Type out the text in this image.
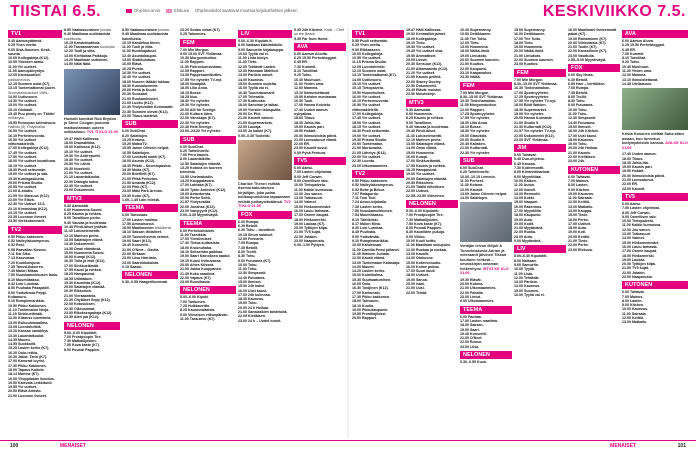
TIISTAI 6.5.	Ohjelma-arvio	Elokuva Ohjelmatiedot saattavat muuttua kirjoitushetken jälkeen	KESKIVIIKKO 7.5.
TV1
5.45 Aamusydämeä.
6.25 Yhen ovella.
9.00 Sisä-Suomen. Kesä-suunta
10.00 Kollegakirja (K12).
10.55 Ykkösen aamu.
11.00 Yle uutiset.
11.05 Aamupäivystys.
12.05 Kansauutiset paikkaneuvos.
12.15 Suomen asiat (K7).
13.15 Tuntemattomat juuret. Suomalaissukuiset 1989–
14.00 Uutisvuoro.
14.30 Yle uutiset.
15.00 Yle uutiset.
15.10 Globaali.
15.45 Puu pienty on 'Tähtin' mökkeyks.
15.55 Euroopan tulevaisuus Hallinto (5) Yhdysvallat.
16.00 Yle uutiset.
16.10 Perheneuvonta.
16.50 Yle uutiset viittomakielellä.
17.00 Kollegakirja (K12).
17.45 Yle uutiset.
17.50 Yle uutiset.
18.00 Yle uutiset kuvailtuna.
18.15 Yle uutiset.
18.30 Puoli seitsemän.
19.00 Yle uutiset ja sää.
19.30 Kuningaskunta.
20.00 Prisma Studio.
20.55 Yle uutiset.
21.00 A-studio.
21.09 Yle tilaisuus (K12).
22.00 Yle Elävä.
22.30 Yle Uutiset 16.6.
23.10 Kimmiskaa (K12).
23.15 Yle uutiset.
23.30 Luonnon ihmeet.
23.50 Verkkotuomarit.
TV2
6.50 Pikku kakkonen.
6.52 Nalleylakoomperus.
6.52 Rosi.
6.58 Paavallan Kosmo.
7.11 Kai Siku.
7.13 Kasvumaa.
7.20 Kuukkoisjuna.
7.35 Tanssi-ikäseres.
7.40 Maiori Mikaa.
7.50 Nuuskamuikkusen laulu.
8.10 Muumilaakso.
8.42 Loki Lumiraa.
8.50 Puuhaka Pasapailit.
9.00 Ystävärnaa Peppi. Kultamuru.
9.10 Rumplemarikkia.
10.50 Pikku Kakkonen.
11.10 Tuntematon Norja.
11.15 Sinkkuelämää.
12.30 Kitaruss tunnelmia.
13.00 Esikoulumaailma.
13.05 Luontohetkiä.
13.20 Kansan sanakirja.
13.30 Lauantaikuulat.
14.35 Muumi.
14.55 Suokkailit.
15.25 Lasten kerho (K7).
16.20 Oolo-retkia.
16.30 Jakot: Tarin (K7).
17.00 Kamerat loyrisi.
17.30 Pikku Kakkonen.
18.00 Tapaus Kultola.
18.14 Martinz (K7).
19.00 Ylioppilakan ilmoitus.
19.50 Kalevala Leikkitunti.
19.55 Yle uutiset.
20.00 Elävä Arkisto.
21.00 Luonnon ihmeet.
8.50 Vaakasuoraisen jumala.
9.40 Maailmaa uudistavista kokeiluista.
10.15 Kahdeksatitoia
11.00 Taivaanrannan tuoduutto
12.20 Tuoll ja viita.
13.00 Kiehtoitaa Paikkoja.
14.20 Maailman uutiniemi.
14.50 Nälä Nälä.
Huvialit komikot Rob Brydon ja Steve Coogan joutuvat matkustamaan uuteen seikkailuun. TV1 TI KLO 21.00
19.47 Hälli Kalliossa.
18.00 Dramatiikka.
19.00 Kalliossa (K12).
19.10 Yle uutiset.
19.30 Yle Antireportti.
19.30 Yle uutiset.
20.00 Yle Lähiö.
20.30 Nuorkeiti.
21.00 Yle uutiset.
21.10 Lauantaikuulat.
22.00 Dialogin kaksi.
22.30 Yle uutiset.
23.00 Dokumentti.
MTV3
5.30 Aamusää.
6.00 Huomenta Suomi.
8.25 Kaunis ja rohkea.
9.00 Tavallinen perhe.
9.40 Vauvaa ja kuolemaa.
10.40 Pihdi-iäiset ystävät.
11.40 Lutuselementti.
12.10 Marinen perhe.
13.05 Salattujen elämä.
13.40 Dokumentti.
14.30 Omai elämänsä.
15.00 Huomenta Suomi.
16.00 Kumpi (K12).
16.30 Tulla ja etsit (K12).
17.00 Sinkkuelämää.
17.55 Kauni ja rohkea.
18.25 Hampasivat.
18.35 Ultimatum.
19.30 Kaumista (K12).
20.00 Salattujen elämää.
20.30 Rikkoinen.
21.00 Vieraaantnia.
21.30 Cityläiset Sepp (K12).
22.00 Kotosuksen.
22.30 Oikeusmaat.
23.00 Rikoksenpaltaja (K12).
23.30 Ateri jaa (K12).
NELONEN
5.00–6.00 Kipulahti.
7.00 Frontpoopin Tire.
7.30 Matkailijoiden.
7.50 Kova kaste (K7).
8.00 Poundi Pappies.
8.50 Vaakasuoraisen jumala.
9.40 Maailmaa uudistavista kokeiluista.
10.15 Kahdeksa tiinen.
11.00 Tuoll ja viita.
11.00 Huuhkajatuuri.
12.40 Asuntokaupat.
13.00 Sisätkulutkas.
16.00 Elävä.
16.25 Puisto.
16.30 Yle uutiset.
16.40 Yle uutiset.
18.00 Nuoren lääkäri lakkaa.
18.30 Kuusialuemme.
20.00 Hehä ja Kuuhi.
20.30 Suosaari.
21.00 Ruokaministeri.
21.00 Luoko (K12).
21.30 Yhdysvallan Kommaatti.
22.30 Suomen olevat (K12).
23.00 Tilaus-taistelut.
SUB
6.00 SubChat.
8.20 Salattujen.
13.25 Kotona.
15.25 MatkaTV.
15.55 Jaime Oliverin helpot.
16.55 Salattujen.
17.00 Lentävät mahti (K7).
18.00 Asunto (K12).
18.30 Pitkät – Suomiopastus.
19.30 Muita (K7).
20.00 Brieflieft (K7).
21.00 Pitkä Perkoton.
21.50 Amanta (K12).
22.00 Pikk (K7).
23.00 Mäki Park Arenas.
23.30 Koiru (K7).
1.00–1.45 Lain miestä.
TEEMA
6.00 Tanssiaas.
17.00 Lasten mailma.
17.50 Ammulsuvut.
18.00 Maailmoiden leikkikerta.
18.10 Saksan lähialleet.
19.00 Tussenheimin veimet.
19.00 Saari (K12).
19.40 Konsertti.
21.00 O'Neet – Gavita.
22.00 Sirkaan.
23.00 Liisa Harritalo.
23.00 Saarokkakaista.
0.15 Saaski.
NELONEN
0.30–0.55 Haagerilluminati.
23.20 Sodan virkat (K7).
0.25 Talonmies.
FEM
7.00 Min Morgon.
9.00 15.00 SVT Ylelämaa.
10.30 Morgonstudion.
11.00 Rapport.
11.05 Fööroskonstnäran.
12.05 Rapport.
13.05 Pappersantikuttes.
17.55 Yle nyheter TV-nyt.
18.00 Nodapitä.
18.00 Lilla Anna.
18.15 Bosse.
18.25 Nuo.
18.30 Yle nyheter.
19.30 Yle nyheter.
20.00 Allt för Sverige.
21.00 Kultura tiden.
22.00 Vänskaps (K7).
22.30 Yle nyheter.
22.40 Hela Sverige.
23.00–23.20 Yle nyheter.
SUB
6.00 SubChat.
6.20 Tuttelinnelle.
7.00 Peru kaunis.
8.00 Lauantaikilla.
12.50 Salattujen elämää.
13.25 Kotona on tuoreen toimimia.
13.55 Unelmakodin.
14.25 Kauppatavara.
17.00 Lahtaka (K7).
18.00 Tytön Anteeksi (K12).
19.00 Amanteesta.
20.00 Perhe Seltti.
21.57 Yhdysvallat.
22.00 Junahas (K12).
23.00 Vampyyrit (K12).
0.00–3.30 Myyntiväylä.
TEEMA
6.00 Perhekohtaiset.
11.00 Tassikkia.
17.00 Yleisihmiset.
17.30 Tietoa kultaisista.
18.00 Kruunuhaka.
18.10 Seitsemän paikkaa.
19.00 Saari Kainoksen laadut.
19.15 Kuusi rivikuvassa.
20.00 Aihes Kiisseä.
21.00 Jukka Kuuppanen.
21.30 Koko maailma.
22.00 Vapaus (K7).
23.00 Ruusihauta.
NELONEN
5.00–6.00 Kipuki.
7.00 Tantuinen.
7.25 Hulkkaveitto.
8.25 Kaunisvaltaisia.
9.00 Viimeisen viikonpäivän.
11.00 Tasa-arvo (K7).
LIV
5.00–6.30 Kipulah-ti.
8.00 Nalkaan kiäsimkäsiin.
9.00 Samuelin kirjakauppa.
10.00 Tyyliä vai ei.
11.00 Lista kiotyn.
11.30 Tieto.
12.00 Tehtävät Lasten.
12.30 Hannaan Mahtioli.
13.00 Pariisin naiset.
14.00 Kauneus.
15.00 Suomen uudelta.
16.00 Tyyliä vai ei.
16.30 Tuoulutuomarit.
17.00 Trilesatla.
17.30 Kotiruoka.
18.00 Sanoinar ja taikat.
19.00 Yleiskin taluspuilla.
20.00 Dr. Phil.
21.00 Kauniit vaimot.
21.00 Supermarkets.
22.00 Laulaja.
23.00 Jo kaikki (K7).
0.00–0.30 Tuoteliki.
Charlize Theron esittää itsemurhakuntoisen kirjailijan, joka palaa kotikaupunkiinsa tapaamaan entistä poikaystäväänsä. TV2 TI KLO 21.00
FOX
6.00 Rumpa.
6.29 Betolit.
6.30 Tohu – tavoitteet.
10.15 Sinun salaiset.
12.00 Feenarin.
7.05 Rumpa.
7.35 Betolit.
8.00 Trollit.
8.30 Tohu.
9.00 Futurama (K7).
10.00 Tohu.
11.30 Tohu.
12.30 Simpsonit.
14.40 Futurama.
15.00 Ihmiset.
15.00 24h kaksi.
16.00 Uusi kausi.
17.00 24h kuiinnsa.
18.30 Kauneus.
19.00 Tohu.
20.00 24 h Hoikaa.
21.00 Sanalaskien taisteluita.
22.00 Kiellätsen.
23.00 24 h – Uudet tunnit.
5.35 24h Kitchen. Kalle – Chef on the Beach.
5.35 Far from Home.
AVA
6.00 Aamun Aluvita.
6.25 15.50 Perhebloggari.
6.45 ER.
7.30 Kummit.
8.10 Tutoliitat.
9.20 Tuttu.
10.40 Muuhuuri.
11.30 Yhden oma.
12.00 Mamma.
13.10 Ikimuistettavat.
15.50 Kahden moniamaa.
16.30 Tuuli.
17.00 Hanna Koivisto.
17.40 Uuden aamun nykyaikaa.
18.00 Tilaus.
18.30 Juhla-ilta.
19.00 Kaunis pari.
19.50 Hobbit.
20.00 Ikimuistoisia päivä.
21.00 Lumoutunut elämä.
22.00 ER.
23.00 Kauniit suvut.
0.00 Pyhä Pentura.
TV5
6.00 Aamu.
7.00 Lasten ohjelmiaa.
8.00 Jeff Corwin.
9.00 Onnellisen talo.
10.00 Tietopalvelu.
11.00 Kaikki kunnossa.
12.00 Jos sanon.
13.00 Tutkasuuri.
14.00 Vaimot.
15.00 Hinkomemmärt.
16.00 Laulu tarhasta.
17.00 Onnen kaupat.
18.00 Hinkomerkki.
19.00 Laukaa (K7).
20.00 Tyttöjen kilpa.
21.00 TV5 kujat.
22.00 Jotakin.
23.00 Naapurusto.
0.00–1.00 Pyttyen.
TV1
5.55 Puoli seitsemän.
6.25 Yhen ovella.
9.00 Rikkaaseen.
10.00 Kollegakirja.
10.55 Yle uutiset.
11.15 Prisma Studio.
12.05 Luontoheteki.
12.15 Suomen asiat.
13.15 Tuntemattomat (K7).
14.00 Uutisvuoro.
15.10 Yle uutiset.
15.15 Tietopalvelu.
15.50 Huonekulkea.
16.00 Yle uutiset.
16.10 Perheneuvonta.
16.50 Yle uutiset viittomakielellä.
17.00 Kollegakirja.
17.45 Yle uutiset.
18.00 Yle uutiset.
18.15 Yle uutiset.
18.30 Puoli seitsemän.
19.00 Yle uutiset.
19.30 Prisma Studio.
20.00 Tuntematon.
21.00 Murtovarka.
21.05 Lähetys (K12).
22.00 Yle uutiset.
22.30 Luonto.
23.00 Ulkomaanmies.
TV2
6.50 Pikku kakkonen.
6.52 Nalleylakoomperus.
6.52 Bebe ja Bebur.
7.07 Ratapurdo.
7.11 Tom Tiuli.
7.24 Ammi-leijakaila.
7.35 Lasten kerho.
7.50 Nuuskamuikkunen.
7.54 Muumilaakso.
8.10 Tähtikiiski.
8.17 Maiori Mina.
8.30 Loki Lumiraa.
8.45 Puuhaka.
9.00 Ystävämää.
9.10 Rumplemarikkia.
10.00 Kahdeksan.
11.00 Camilla Pensi jaltanet.
11.45 Ihmisen Jumala.
12.00 Kaunii elämä.
13.00 Tuntematon Kalastaja.
14.00 Muumi.
14.20 Lasten kerho.
15.00 Kolmikulma.
15.30 Suurkaatuminen.
16.00 Oolo.
16.30 Tonijinen (K12).
17.00 Karhunaki.
17.30 Pikku kakkonen.
18.00 Tahvanen.
18.10 Kuulia.
19.00 Pikkukaupunki.
19.50 Frontilajiloksi.
20.00 Rapport.
19.47 Hälli Kalliossa.
19.52 Kenraalikirjaimet.
18.00 Kollegakirja.
19.10 Tieto.
19.30 Yle uutiset.
19.30 Yle uutiset sisa.
19.50 Ammattiset.
20.00 Lösvit.
20.30 Sensuuri (K12).
21.00 Aikamaaintu (K12).
21.20 Yle uutiset.
21.50 Kaunis peilinä.
22.00 Stacey Dooley.
22.50 Dokumentti.
23.45 Elävät muistot.
23.50 Muistokirje.
MTV3
5.30 Aamusää.
6.00 Huomenta.
8.25 Kaunis ja rohkea.
9.00 Tavallinen.
9.40 Vauvaa ja kuolemaa.
10.40 Pihdi-iäiset.
11.40 Lutuselementti.
12.10 Marinen perhe.
13.05 Salattujen elämä.
14.00 Omai elämä.
15.00 Huomenta.
16.00 Kumpi.
17.00 Sinkkuelämää.
17.55 Kaunis ja rohkea.
18.25 Hampasivat.
19.00 Yle uutiset.
20.00 Salattujen elämää.
20.30 Rikkoinen.
21.00 Täällä kiitollinen.
22.00 Uutiset.
22.55–23.50 Viimeinen.
NELONEN
5.00–6.00 Kipulahti.
7.00 Frontpoopin Tire.
7.30 Matkailijoiden.
7.50 Kova kaste (K7).
8.00 Poundi Pappies.
8.30 Kauniiden pukuja.
9.00 Viikko.
10.00 Kuuli keitto.
11.00 Maailman sukupolvi.
12.00 Ruokaa ja ruokaa.
13.00 Kauniit.
14.00 Olohuone.
15.00 Kotirevoluutio.
16.00 Kolme pukua.
17.00 Suuri kuuli.
18.00 Uutiset.
19.00 Sanoa.
20.00 Isäni.
21.00 Uusi.
22.00 Tehdä.
10.30 Supernanny.
10.50 Dettikkanen.
11.35 The Tuttu.
12.00 Tieto.
13.00 Huomenta.
18.00 Nälkä-ilmiö.
19.00 Lintukoto.
20.00 Suomen kaunein.
21.00 Kuutios.
22.00 Kaupunki.
23.10 Kaapanaiset.
23.30 Nälkä.
FEM
7.00 Min Morgon.
8.30–15.00 SVT Ylelämaa.
10.30 Tiedohamahan.
11.55 Morgonstudion.
12.00 Rapport.
17.25 Sportnyyheter.
17.55 Yle nyheter.
18.00 Lilla Anna.
18.10 Bosse.
18.30 Yle nyheter.
19.00 Glasvärld.
20.00 Studio 9.
20.40 Kaliaken.
21.00 Kulturnatt.
22.30 Yle nyheter.
SUB
6.00 SubChat.
6.20 Tuttelinnelle.
10.00–10.15 Lemmin.
11.00 Perheet.
11.30 Kotona.
12.00 Kauniit.
13.00 Jaime Oliverin helpot.
14.00 Salattujen.
Venäjän leivon Miljuti & Tunnelmakuvia Adrian ja veteraanit jälvinen Tikkari kuulluen rohkeat – sevaiskirjan antaman hetkenhyne. MTV3 KE KLO 21.00
19.30 Elävät.
20.00 Kotona.
21.00 Ulkomaanmies.
22.00 Pahalla.
23.00 Lintut.
0.00 Ulkomaanmies.
TEEMA
6.00 Pauhaa.
17.00 Lasten maailma.
18.00 Saksan.
19.00 Saari.
19.40 Konsertti.
21.00 O'Neet.
22.00 Ruusu.
23.00 Liisa.
NELONEN
0.30–0.55 Kuva.
15.00 Supernanny.
16.00 Dettikkanen.
17.00 The Tuttu.
18.00 Tieto.
19.00 Huomenta.
20.00 Nälkä-ilmiö.
21.00 Lintukoto.
22.00 Suomen kaunein.
23.00 Kuutios.
FEM
7.00 Min Morgon.
8.30–15.00 SVT Ylelämaa.
16.30 Tiedohamahan.
17.00 Sportnyyheter.
17.25 Sportnyyheter.
17.55 Yle nyheter TV-nyt.
18.00 Bildt Walden.
18.30 Supermarket.
19.00 Yle nyheter.
20.00 Hanna Kunstnär.
21.00 Studio 9.
21.30 Kulturnatt (K12).
21.57 Yle nyheter TV-nyt.
22.00 Dokumentti (K12).
23.00 SVT Ylelämaa.
JIM
5.00 Tuttavat.
5.45 Duo-ohjelma.
6.45 Kansan.
7.30 Kotiremontti.
8.00 Kiinteistötarinat.
9.00 Myyntitilaa.
10.00 Kaiken.
11.00 Auton.
12.00 Isoveli.
13.00 Remontti.
14.00 Kokki.
15.00 Naapuri.
16.00 Rakennus.
17.00 Myyntitila.
18.00 Kaupunki.
19.00 Auto.
20.00 Kodit.
21.00 Myytävänä.
22.00 Ruoka.
23.00 Auto.
0.00 Myytävänä.
LIV
5.00–6.30 Kipulahti.
8.00 Nalkaan.
9.00 Samuelin.
10.00 Tyyliä.
11.00 Lista.
12.00 Tehtävät.
13.00 Pariisin.
14.00 Kauneus.
15.00 Suomen.
16.00 Tyyliä vai ei.
16.00 Maailmani ihmeemmät pakat (K7).
19.00 Raihaminen (K7).
20.00 Viikkolaisia (K7).
21.00 Tuolin (K7).
22.00 Kansallinen (K7).
23.00 Vasatulla.
2.55–5.00 Myyntiväylä.
FOX
6.00 Sky News.
6.30 Betolit.
6.59 Harr – leiritöiden.
7.05 Rumpa.
7.35 Betolit.
8.00 Trollit.
8.30 Tohu.
9.00 Futurama.
10.00 Tohu.
11.30 Tohu.
12.30 Simpsonit.
14.40 Futurama.
15.00 Ihmiset.
16.00 24h Kitchen.
17.00 Uusi kausi.
18.00 Kauneus.
19.00 Tohu.
20.00 24h Hoikaa.
21.00 Kaunis.
22.00 Kiellätsen.
23.00 24h.
KUTONEN
6.00 Tuttavat.
7.00 Mainos.
8.00 Lasten.
9.00 Kitchen.
10.00 Kauneus.
11.00 Sairaala.
12.00 Keittiö.
13.00 Matkailu.
14.00 Kauppa.
15.00 Tiede.
16.00 Perhe.
17.00 Uutiset.
18.00 Auto.
19.00 Koti.
20.00 Keittiö.
21.00 Tiede.
22.00 Perhe.
23.00 Elokuva.
AVA
6.00 Aamun Aluva.
6.25 15.50 Perhebloggari.
6.45 ER.
7.30 Kummit.
8.10 Tutoliitat.
9.20 Tuttu.
10.40 Muuhuuri.
11.30 Yhden oma.
12.00 Mamma.
13.10 Ikimuistettavat.
14.45 Uteliaisuus.
Krista Kosonen edittää Saha kätee asiaan, kun tunnetun kotiympäristön kanssa. AVA KE KLO 21.00
17.40 Uuden aamun.
18.00 Tilaus.
18.30 Juhla-ilta.
19.00 Kaunis pari.
19.50 Hobbit.
20.00 Ikimuistoisia päivä.
21.00 Lumoutunut.
22.00 ER.
23.00 Kauniit.
TV5
6.00 Aamu.
7.00 Lasten ohjelmiaa.
8.00 Jeff Corwin.
9.00 Onnellisen talo.
10.00 Tietopalvelu.
11.00 Kaikki kunnossa.
12.00 Jos sanon.
13.00 Tutkasuuri.
14.00 Vaimot.
15.00 Hinkomemmärt.
16.00 Laulu tarhasta.
17.00 Onnen kaupat.
18.00 Hinkomerkki.
19.00 Laukaa.
20.00 Tyttöjen kilpa.
21.00 TV5 kujat.
22.00 Jotakin.
23.00 Naapurusto.
KUTONEN
6.00 Tuttavat.
7.00 Mainos.
8.00 Lasten.
9.00 Kitchen.
10.00 Kauneus.
11.00 Sairaala.
12.00 Keittiö.
13.00 Matkailu.
100	MENAISET	MENAISET	101
